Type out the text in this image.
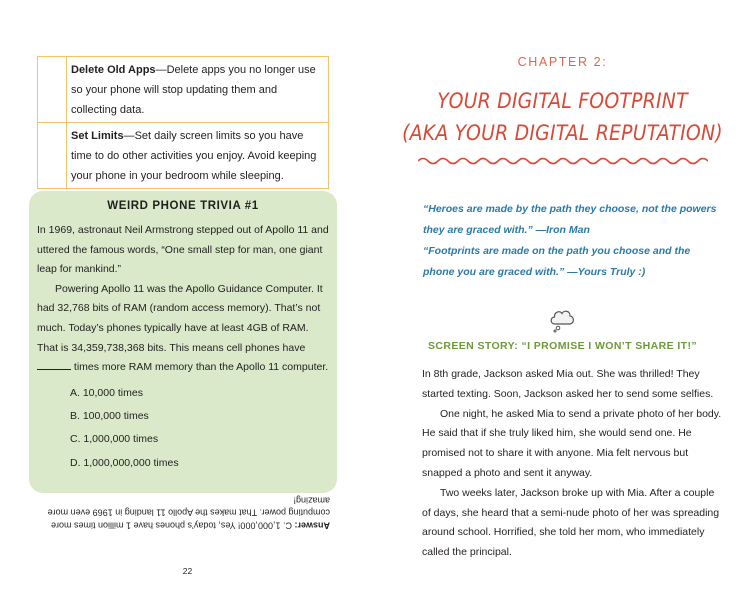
	Delete Old Apps—Delete apps you no longer use so your phone will stop updating them and collecting data.
	Set Limits—Set daily screen limits so you have time to do other activities you enjoy. Avoid keeping your phone in your bedroom while sleeping.
WEIRD PHONE TRIVIA #1

In 1969, astronaut Neil Armstrong stepped out of Apollo 11 and uttered the famous words, “One small step for man, one giant leap for mankind.”

Powering Apollo 11 was the Apollo Guidance Computer. It had 32,768 bits of RAM (random access memory). That’s not much. Today’s phones typically have at least 4GB of RAM. That is 34,359,738,368 bits. This means cell phones have  times more RAM memory than the Apollo 11 computer.

A. 10,000 times
B. 100,000 times
C. 1,000,000 times
D. 1,000,000,000 times
Answer: C. 1,000,000! Yes, today’s phones have 1 million times more computing power. That makes the Apollo 11 landing in 1969 even more amazing!
22
CHAPTER 2:
YOUR DIGITAL FOOTPRINT
(AKA YOUR DIGITAL REPUTATION)

“Heroes are made by the path they choose, not the powers they are graced with.” —Iron Man

“Footprints are made on the path you choose and the phone you are graced with.” —Yours Truly :)

SCREEN STORY: “I PROMISE I WON’T SHARE IT!”

In 8th grade, Jackson asked Mia out. She was thrilled! They started texting. Soon, Jackson asked her to send some selfies.

One night, he asked Mia to send a private photo of her body. He said that if she truly liked him, she would send one. He promised not to share it with anyone. Mia felt nervous but snapped a photo and sent it anyway.

Two weeks later, Jackson broke up with Mia. After a couple of days, she heard that a semi-nude photo of her was spreading around school. Horrified, she told her mom, who immediately called the principal.
